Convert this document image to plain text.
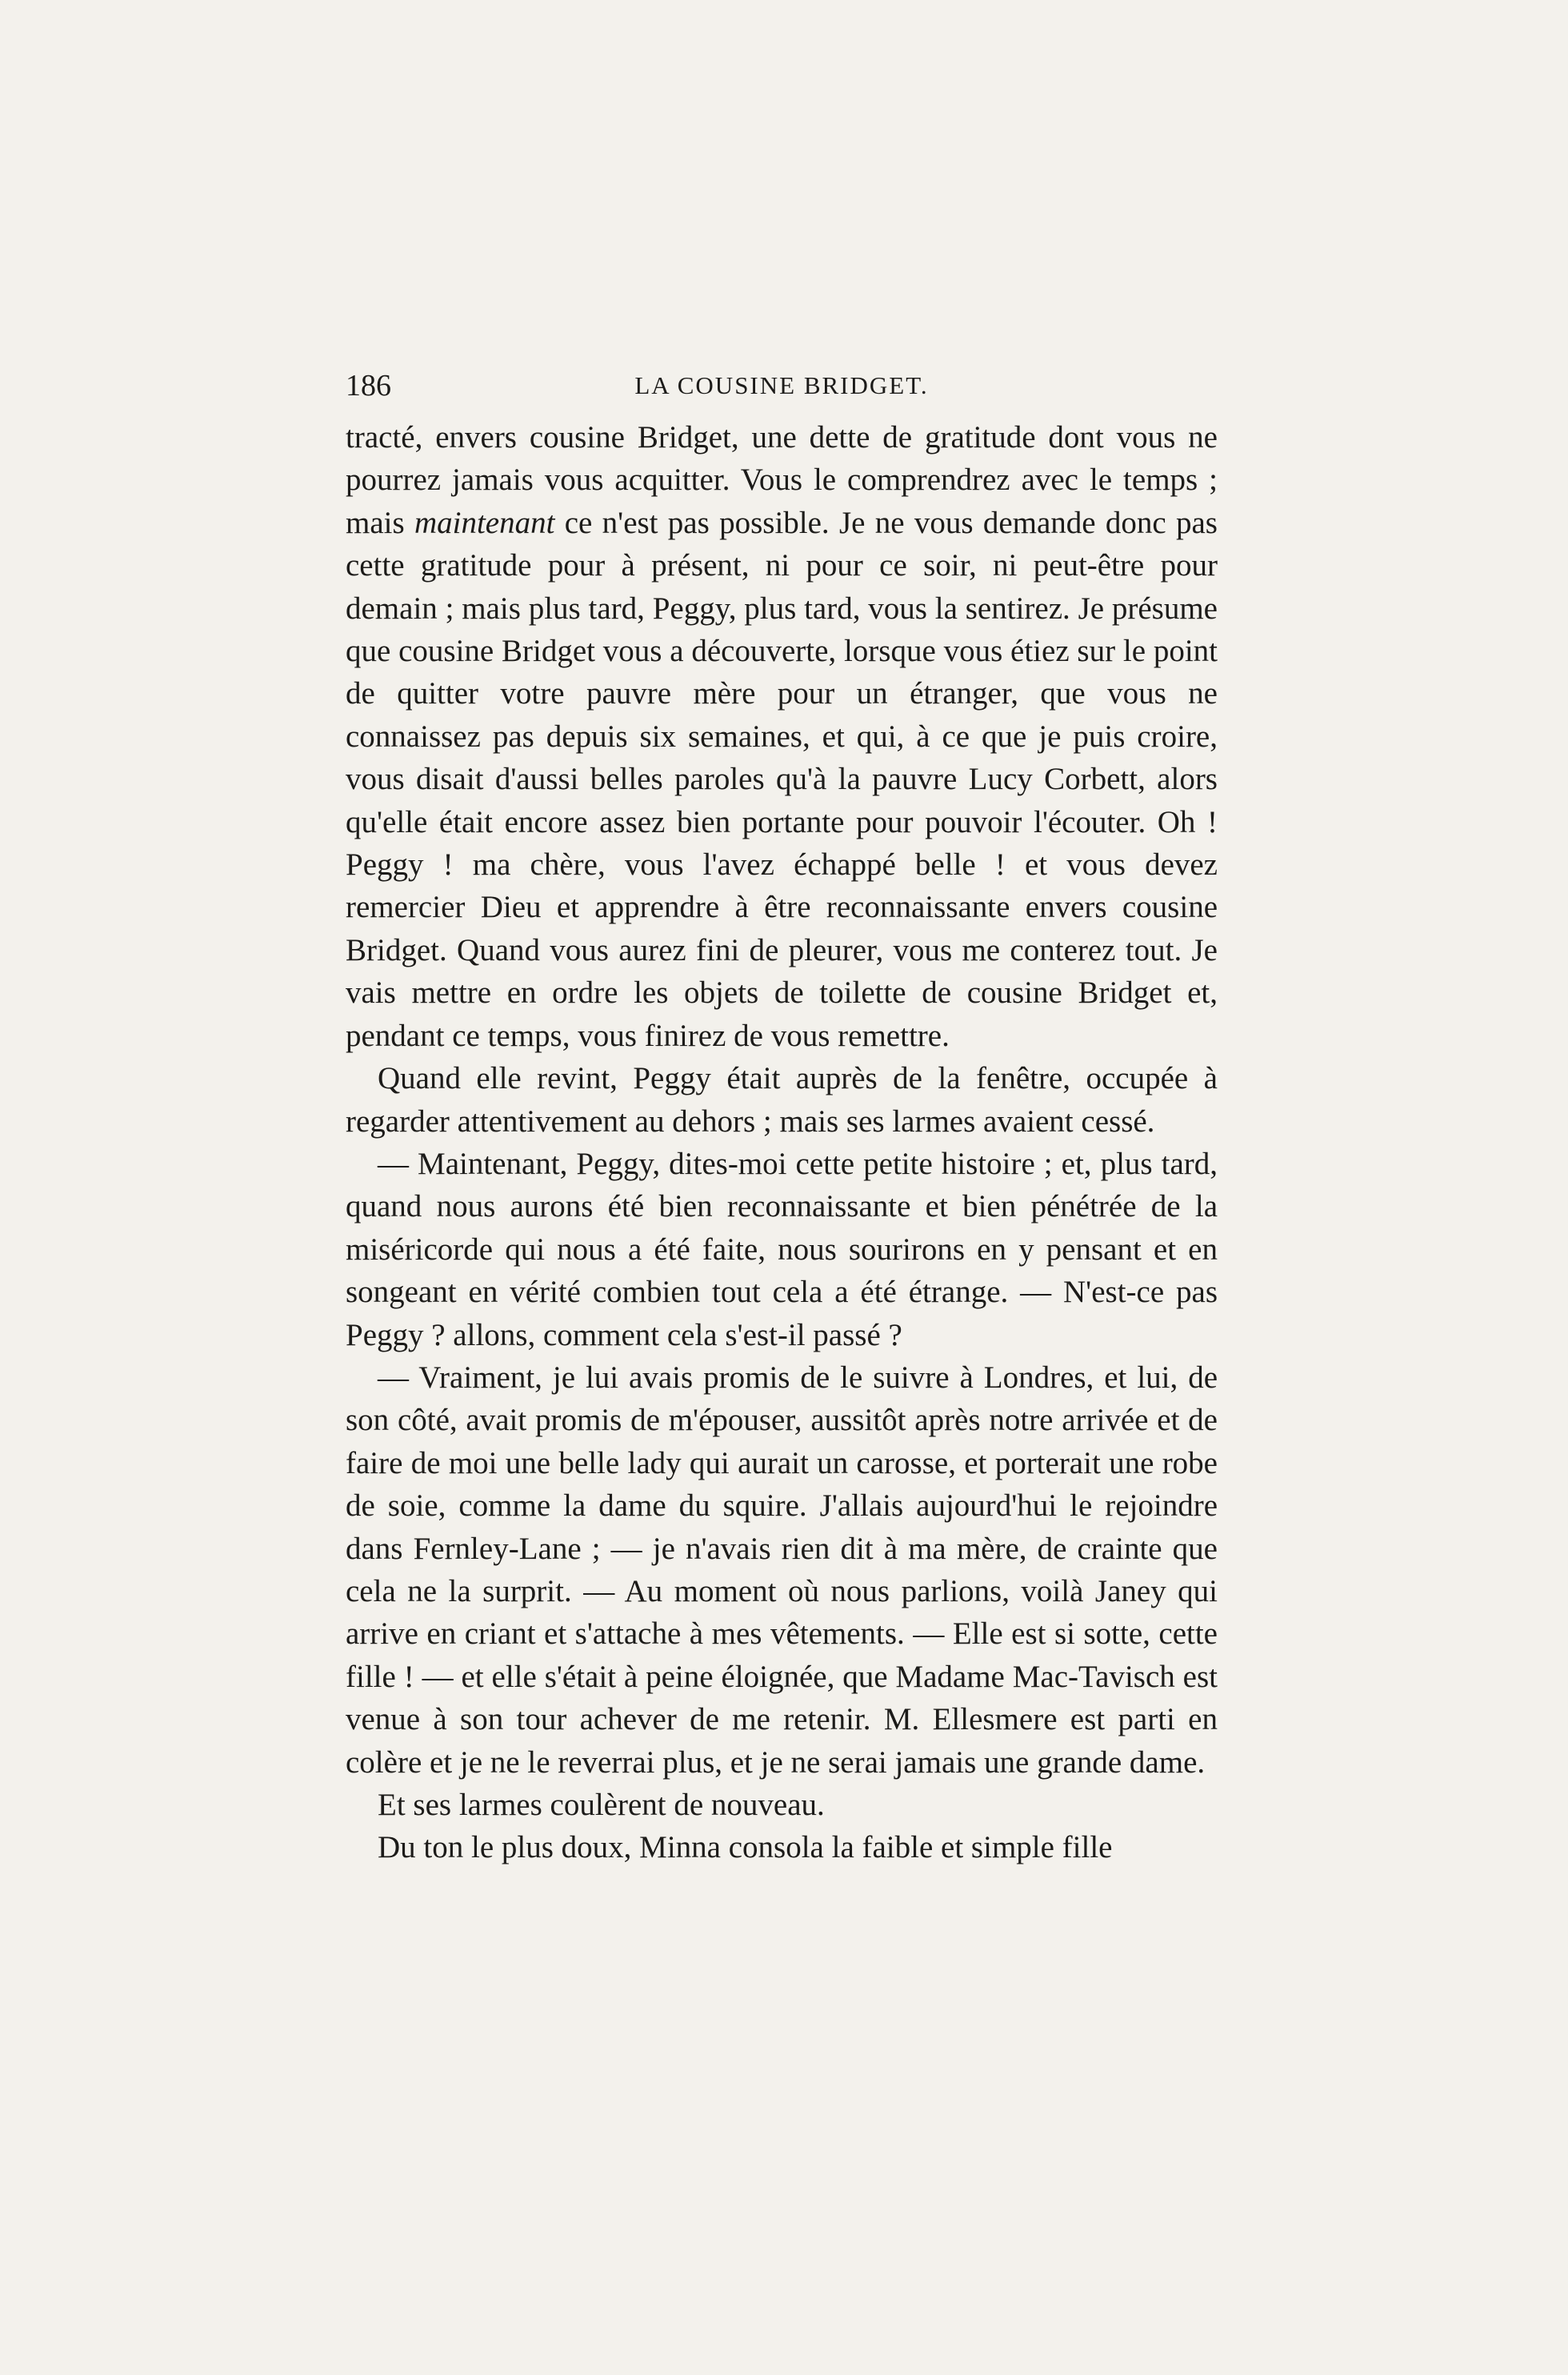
186	LA COUSINE BRIDGET.

tracté, envers cousine Bridget, une dette de gratitude dont vous ne pourrez jamais vous acquitter. Vous le comprendrez avec le temps ; mais maintenant ce n'est pas possible. Je ne vous demande donc pas cette gratitude pour à présent, ni pour ce soir, ni peut-être pour demain ; mais plus tard, Peggy, plus tard, vous la sentirez. Je présume que cousine Bridget vous a découverte, lorsque vous étiez sur le point de quitter votre pauvre mère pour un étranger, que vous ne connaissez pas depuis six semaines, et qui, à ce que je puis croire, vous disait d'aussi belles paroles qu'à la pauvre Lucy Corbett, alors qu'elle était encore assez bien portante pour pouvoir l'écouter. Oh ! Peggy ! ma chère, vous l'avez échappé belle ! et vous devez remercier Dieu et apprendre à être reconnaissante envers cousine Bridget. Quand vous aurez fini de pleurer, vous me conterez tout. Je vais mettre en ordre les objets de toilette de cousine Bridget et, pendant ce temps, vous finirez de vous remettre.

Quand elle revint, Peggy était auprès de la fenêtre, occupée à regarder attentivement au dehors ; mais ses larmes avaient cessé.

— Maintenant, Peggy, dites-moi cette petite histoire ; et, plus tard, quand nous aurons été bien reconnaissante et bien pénétrée de la miséricorde qui nous a été faite, nous sourirons en y pensant et en songeant en vérité combien tout cela a été étrange. — N'est-ce pas Peggy ? allons, comment cela s'est-il passé ?

— Vraiment, je lui avais promis de le suivre à Londres, et lui, de son côté, avait promis de m'épouser, aussitôt après notre arrivée et de faire de moi une belle lady qui aurait un carosse, et porterait une robe de soie, comme la dame du squire. J'allais aujourd'hui le rejoindre dans Fernley-Lane ; — je n'avais rien dit à ma mère, de crainte que cela ne la surprit. — Au moment où nous parlions, voilà Janey qui arrive en criant et s'attache à mes vêtements. — Elle est si sotte, cette fille ! — et elle s'était à peine éloignée, que Madame Mac-Tavisch est venue à son tour achever de me retenir. M. Ellesmere est parti en colère et je ne le reverrai plus, et je ne serai jamais une grande dame.

Et ses larmes coulèrent de nouveau.

Du ton le plus doux, Minna consola la faible et simple fille
